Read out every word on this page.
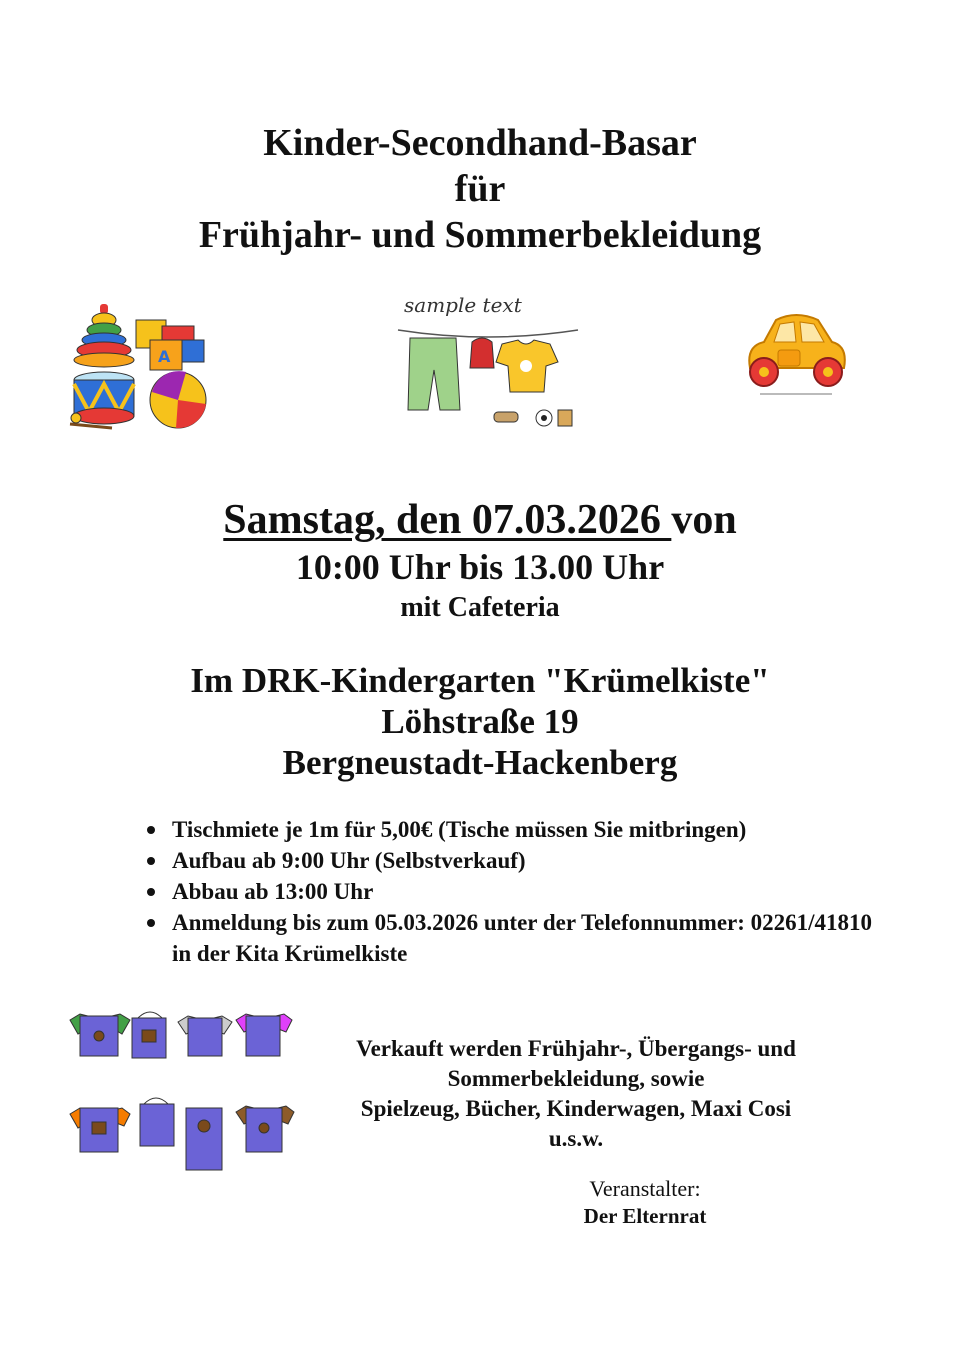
Kinder-Secondhand-Basar
für
Frühjahr- und Sommerbekleidung
A
sample text
Samstag, den 07.03.2026 von
10:00 Uhr bis 13.00 Uhr
mit Cafeteria
Im DRK-Kindergarten "Krümelkiste"
Löhstraße 19
Bergneustadt-Hackenberg
Tischmiete je 1m für 5,00€ (Tische müssen Sie mitbringen)
Aufbau ab 9:00 Uhr (Selbstverkauf)
Abbau ab 13:00 Uhr
Anmeldung bis zum 05.03.2026 unter der Telefonnummer: 02261/41810 in der Kita Krümelkiste
Verkauft werden Frühjahr-, Übergangs- und
Sommerbekleidung, sowie
Spielzeug, Bücher, Kinderwagen, Maxi Cosi
u.s.w.
Veranstalter:
Der Elternrat
